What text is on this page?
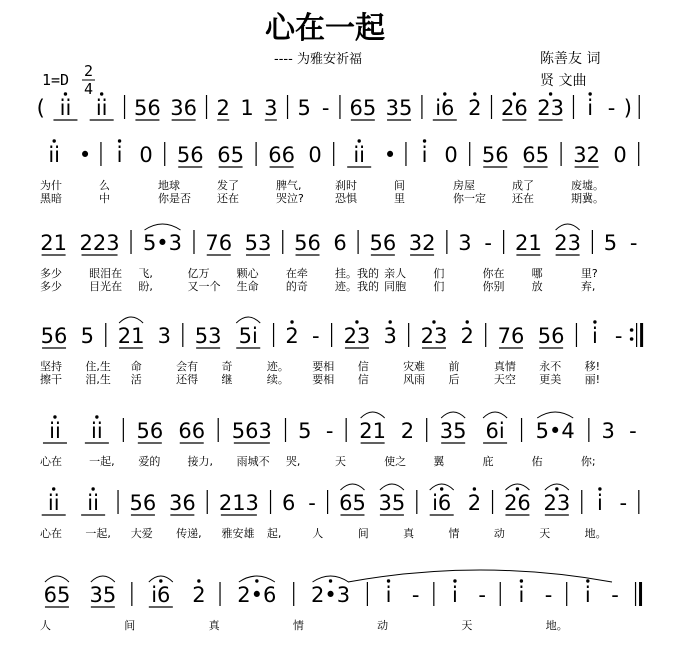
心在一起
---- 为雅安祈福	陈善友 词
贤 文曲
1=D 2
4
( ii ii 56 36 2 1 3 5 - 65 35 i6 2 26 23 i - )
ii • i 0 56 65 66 0 ii • i 0 56 65 32 0
为什	么	地球	发了	脾气,	刹时	间	房屋	成了	废墟。
黑暗	中	你是否 还在	哭泣?	恐惧	里	你一定 还在	期冀。
21 223 5•3 76 53 56 6 56 32 3 - 21 23 5 -
多少 眼泪在 飞,	亿万 颗心 在牵 挂。我的 亲人 们	你在 哪	里?
多少 目光在 盼,	又一个 生命 的奇 迹。我的 同胞 们	你别 放	弃,
56 5 21 3 53 5i 2 - 23 3 23 2 76 56 i -
坚持 住,生 命	会有 奇	迹。 要相 信	灾难 前	真情 永不 移!
擦干 泪,生 活	还得 继	续。 要相 信	风雨 后	天空 更美 丽!
ii ii 56 66 563 5 - 21 2 35 6i 5•4 3 -
心在 一起, 爱的 接力, 雨城不 哭,	天	使之 翼	庇	佑	你;
ii ii 56 36 213 6 - 65 35 i6 2 26 23 i -
心在 一起, 大爱 传递, 雅安雄 起,	人	间	真	情	动	天	地。
65 35 i6 2 2•6 2•3 i - i - i - i -
人	间	真	情	动	天	地。
